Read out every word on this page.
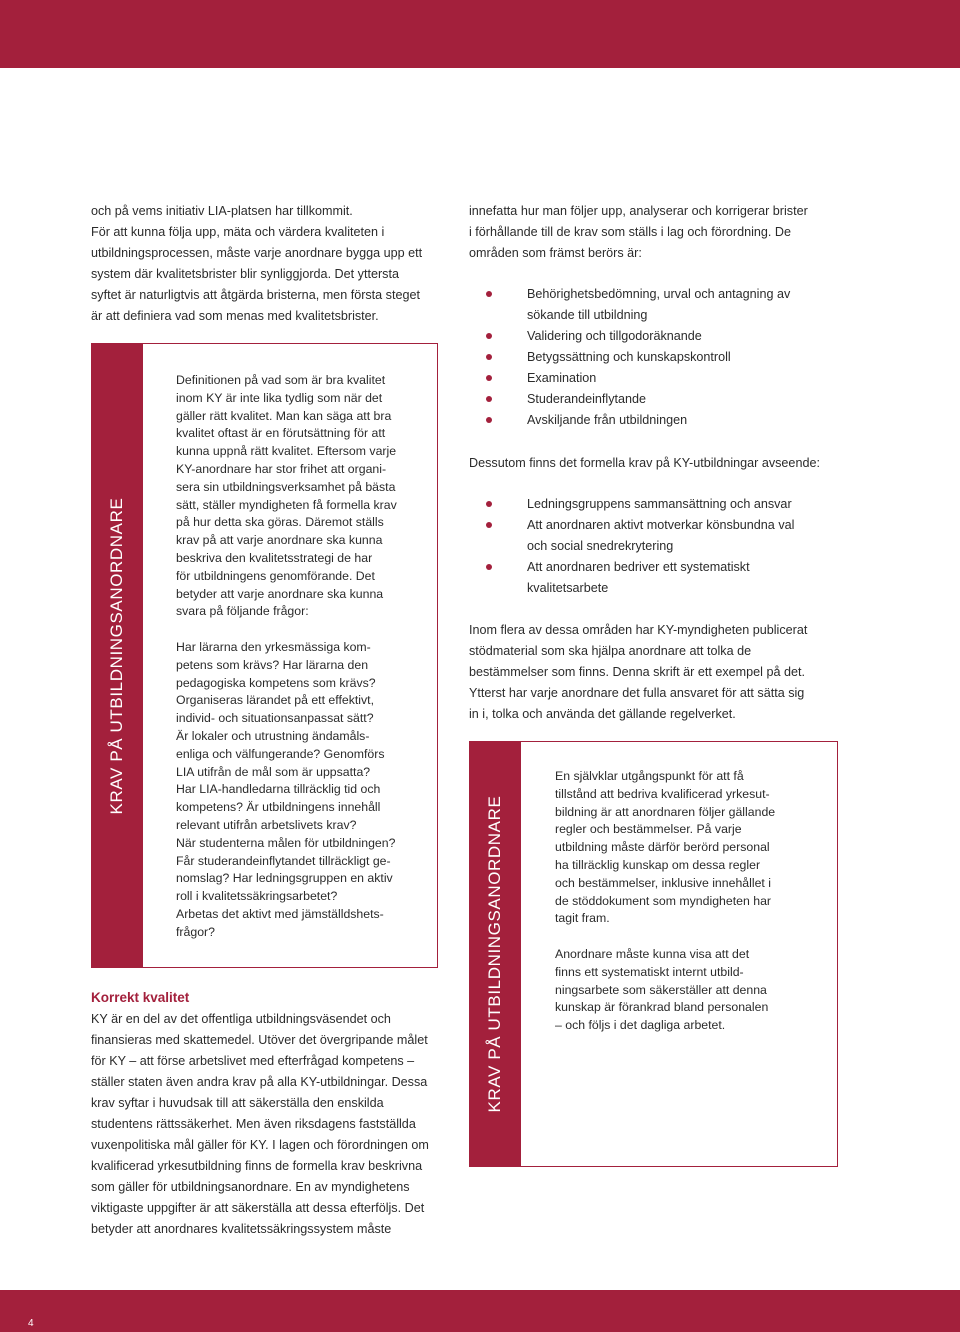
och på vems initiativ LIA-platsen har tillkommit.
För att kunna följa upp, mäta och värdera kvaliteten i
utbildningsprocessen, måste varje anordnare bygga upp ett
system där kvalitetsbrister blir synliggjorda. Det yttersta
syftet är naturligtvis att åtgärda bristerna, men första steget
är att definiera vad som menas med kvalitetsbrister.
KRAV PÅ UTBILDNINGSANORDNARE
Definitionen på vad som är bra kvalitet
inom KY är inte lika tydlig som när det
gäller rätt kvalitet. Man kan säga att bra
kvalitet oftast är en förutsättning för att
kunna uppnå rätt kvalitet. Eftersom varje
KY-anordnare har stor frihet att organi-
sera sin utbildningsverksamhet på bästa
sätt, ställer myndigheten få formella krav
på hur detta ska göras. Däremot ställs
krav på att varje anordnare ska kunna
beskriva den kvalitetsstrategi de har
för utbildningens genomförande. Det
betyder att varje anordnare ska kunna
svara på följande frågor:
Har lärarna den yrkesmässiga kom-
petens som krävs? Har lärarna den
pedagogiska kompetens som krävs?
Organiseras lärandet på ett effektivt,
individ- och situationsanpassat sätt?
Är lokaler och utrustning ändamåls-
enliga och välfungerande? Genomförs
LIA utifrån de mål som är uppsatta?
Har LIA-handledarna tillräcklig tid och
kompetens? Är utbildningens innehåll
relevant utifrån arbetslivets krav?
När studenterna målen för utbildningen?
Får studerandeinflytandet tillräckligt ge-
nomslag? Har ledningsgruppen en aktiv
roll i kvalitetssäkringsarbetet?
Arbetas det aktivt med jämställdshets-
frågor?
Korrekt kvalitet
KY är en del av det offentliga utbildningsväsendet och
finansieras med skattemedel. Utöver det övergripande målet
för KY – att förse arbetslivet med efterfrågad kompetens –
ställer staten även andra krav på alla KY-utbildningar. Dessa
krav syftar i huvudsak till att säkerställa den enskilda
studentens rättssäkerhet. Men även riksdagens fastställda
vuxenpolitiska mål gäller för KY. I lagen och förordningen om
kvalificerad yrkesutbildning finns de formella krav beskrivna
som gäller för utbildningsanordnare. En av myndighetens
viktigaste uppgifter är att säkerställa att dessa efterföljs. Det
betyder att anordnares kvalitetssäkringssystem måste
innefatta hur man följer upp, analyserar och korrigerar brister
i förhållande till de krav som ställs i lag och förordning. De
områden som främst berörs är:
Behörighetsbedömning, urval och antagning av
sökande till utbildning
Validering och tillgodoräknande
Betygssättning och kunskapskontroll
Examination
Studerandeinflytande
Avskiljande från utbildningen
Dessutom finns det formella krav på KY-utbildningar avseende:
Ledningsgruppens sammansättning och ansvar
Att anordnaren aktivt motverkar könsbundna val
och social snedrekrytering
Att anordnaren bedriver ett systematiskt
kvalitetsarbete
Inom flera av dessa områden har KY-myndigheten publicerat
stödmaterial som ska hjälpa anordnare att tolka de
bestämmelser som finns. Denna skrift är ett exempel på det.
Ytterst har varje anordnare det fulla ansvaret för att sätta sig
in i, tolka och använda det gällande regelverket.
KRAV PÅ UTBILDNINGSANORDNARE
En självklar utgångspunkt för att få
tillstånd att bedriva kvalificerad yrkesut-
bildning är att anordnaren följer gällande
regler och bestämmelser. På varje
utbildning måste därför berörd personal
ha tillräcklig kunskap om dessa regler
och bestämmelser, inklusive innehållet i
de stöddokument som myndigheten har
tagit fram.
Anordnare måste kunna visa att det
finns ett systematiskt internt utbild-
ningsarbete som säkerställer att denna
kunskap är förankrad bland personalen
– och följs i det dagliga arbetet.
4
